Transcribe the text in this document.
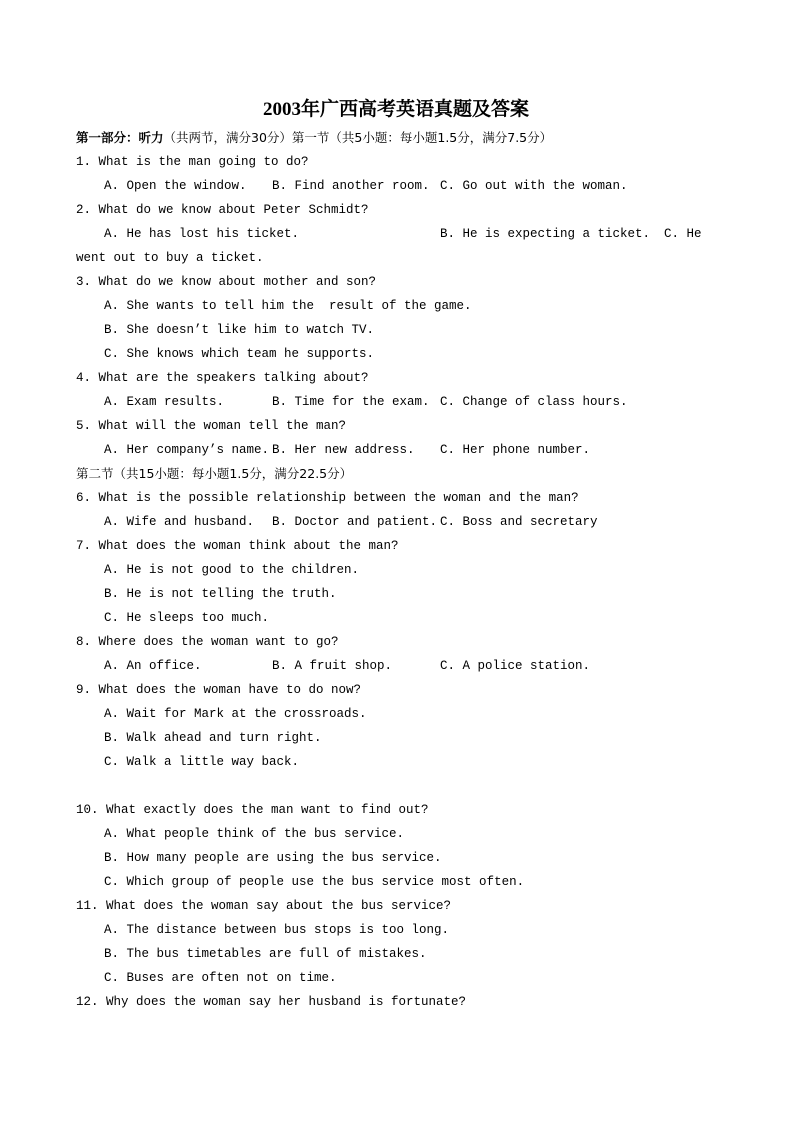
2003年广西高考英语真题及答案
第一部分：听力（共两节，满分30分）第一节（共5小题：每小题1.5分，满分7.5分）
1. What is the man going to do?
A. Open the window.	B. Find another room. C. Go out with the woman.
2. What do we know about Peter Schmidt?
A. He has lost his ticket.	B. He is expecting a ticket.	C. He
went out to buy a ticket.
3. What do we know about mother and son?
A. She wants to tell him the  result of the game.
B. She doesn’t like him to watch TV.
C. She knows which team he supports.
4. What are the speakers talking about?
A. Exam results.	B. Time for the exam. C. Change of class hours.
5. What will the woman tell the man?
A. Her company’s name. B. Her new address.	C. Her phone number.
第二节（共15小题：每小题1.5分，满分22.5分）
6. What is the possible relationship between the woman and the man?
A. Wife and husband.	B. Doctor and patient. C. Boss and secretary
7. What does the woman think about the man?
A. He is not good to the children.
B. He is not telling the truth.
C. He sleeps too much.
8. Where does the woman want to go?
A. An office.	B. A fruit shop.	C. A police station.
9. What does the woman have to do now?
A. Wait for Mark at the crossroads.
B. Walk ahead and turn right.
C. Walk a little way back.
10. What exactly does the man want to find out?
A. What people think of the bus service.
B. How many people are using the bus service.
C. Which group of people use the bus service most often.
11. What does the woman say about the bus service?
A. The distance between bus stops is too long.
B. The bus timetables are full of mistakes.
C. Buses are often not on time.
12. Why does the woman say her husband is fortunate?
